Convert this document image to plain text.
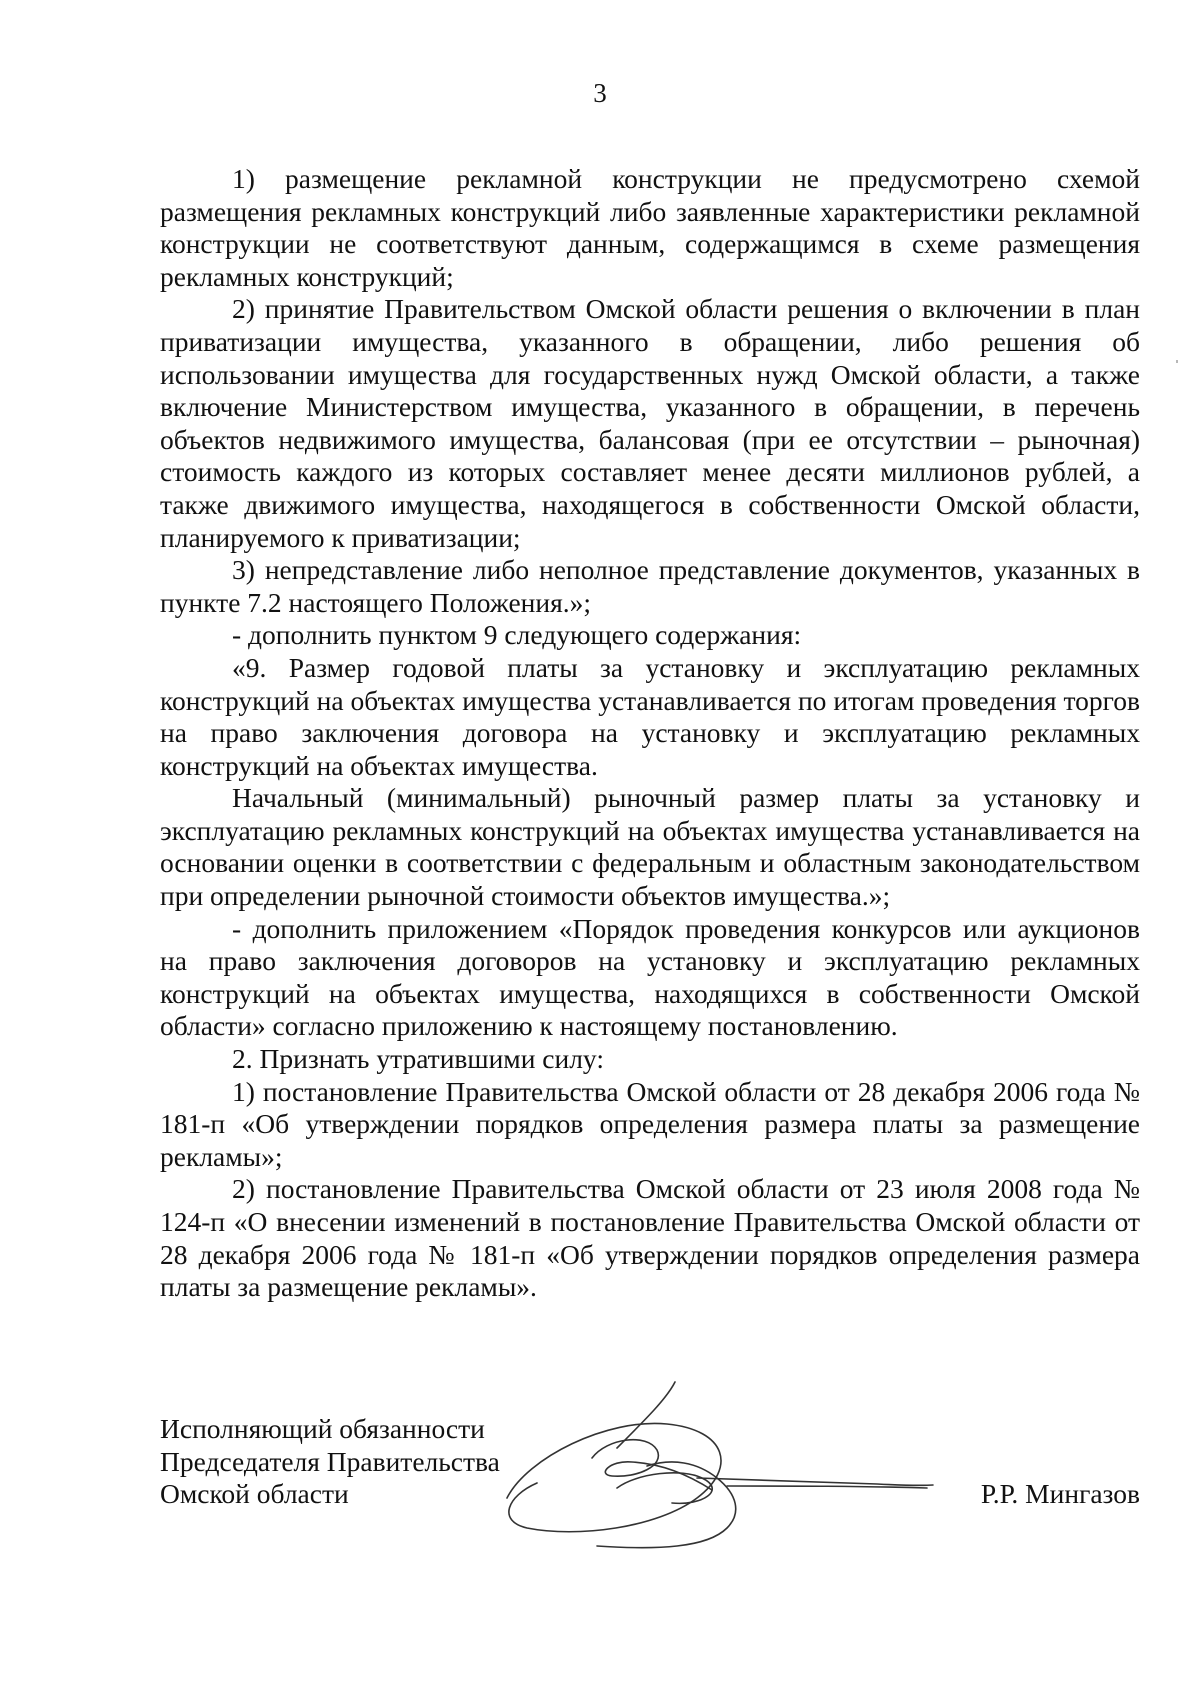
3

1) размещение рекламной конструкции не предусмотрено схемой размещения рекламных конструкций либо заявленные характеристики рекламной конструкции не соответствуют данным, содержащимся в схеме размещения рекламных конструкций;

2) принятие Правительством Омской области решения о включении в план приватизации имущества, указанного в обращении, либо решения об использовании имущества для государственных нужд Омской области, а также включение Министерством имущества, указанного в обращении, в перечень объектов недвижимого имущества, балансовая (при ее отсутствии – рыночная) стоимость каждого из которых составляет менее десяти миллионов рублей, а также движимого имущества, находящегося в собственности Омской области, планируемого к приватизации;

3) непредставление либо неполное представление документов, указанных в пункте 7.2 настоящего Положения.»;

- дополнить пунктом 9 следующего содержания:

«9. Размер годовой платы за установку и эксплуатацию рекламных конструкций на объектах имущества устанавливается по итогам проведения торгов на право заключения договора на установку и эксплуатацию рекламных конструкций на объектах имущества.

Начальный (минимальный) рыночный размер платы за установку и эксплуатацию рекламных конструкций на объектах имущества устанавливается на основании оценки в соответствии с федеральным и областным законодательством при определении рыночной стоимости объектов имущества.»;

- дополнить приложением «Порядок проведения конкурсов или аукционов на право заключения договоров на установку и эксплуатацию рекламных конструкций на объектах имущества, находящихся в собственности Омской области» согласно приложению к настоящему постановлению.

2. Признать утратившими силу:

1) постановление Правительства Омской области от 28 декабря 2006 года № 181-п «Об утверждении порядков определения размера платы за размещение рекламы»;

2) постановление Правительства Омской области от 23 июля 2008 года № 124-п «О внесении изменений в постановление Правительства Омской области от 28 декабря 2006 года № 181-п «Об утверждении порядков определения размера платы за размещение рекламы».

Исполняющий обязанности
Председателя Правительства
Омской области	Р.Р. Мингазов
